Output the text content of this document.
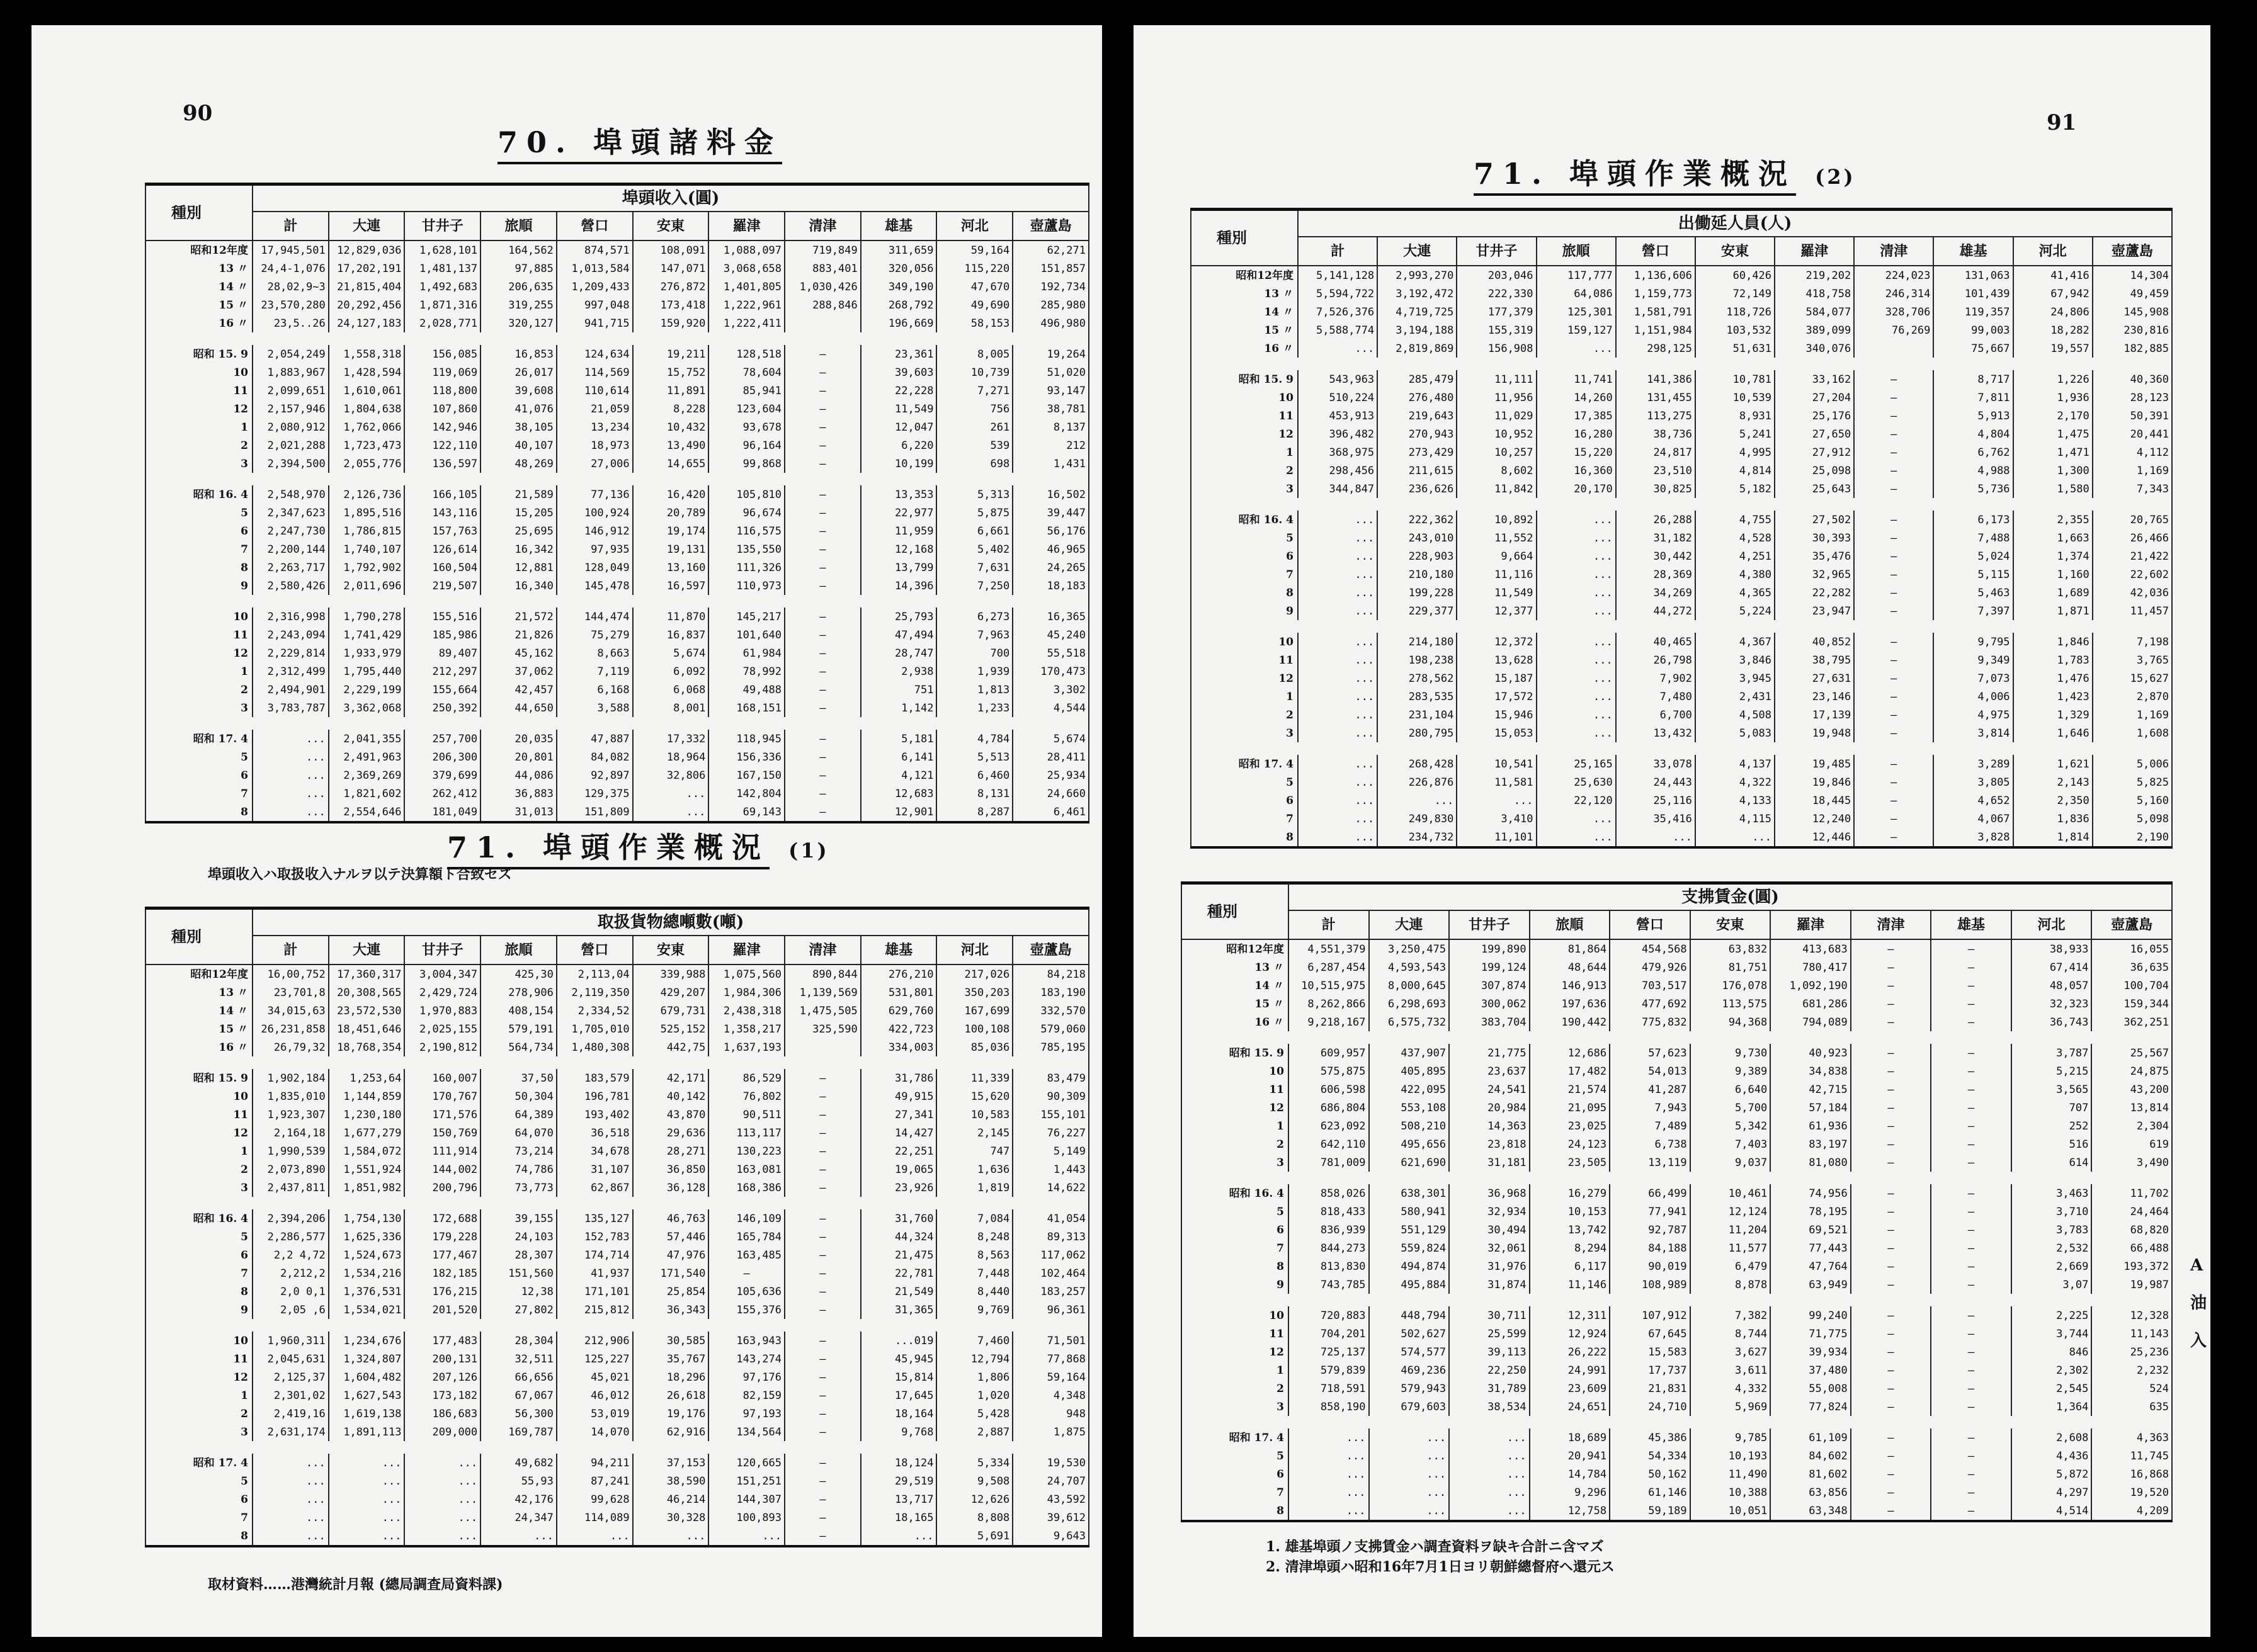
90
70. 埠頭諸料金
種別	埠頭收入(圓)										
	計	大連	甘井子	旅順	營口	安東	羅津	清津	雄基	河北	壺蘆島
昭和12年度	17,945,501	12,829,036	1,628,101	164,562	874,571	108,091	1,088,097	719,849	311,659	59,164	62,271
13 〃	24,4-1,076	17,202,191	1,481,137	97,885	1,013,584	147,071	3,068,658	883,401	320,056	115,220	151,857
14 〃	28,02,9~3	21,815,404	1,492,683	206,635	1,209,433	276,872	1,401,805	1,030,426	349,190	47,670	192,734
15 〃	23,570,280	20,292,456	1,871,316	319,255	997,048	173,418	1,222,961	288,846	268,792	49,690	285,980
16 〃	23,5..26	24,127,183	2,028,771	320,127	941,715	159,920	1,222,411		196,669	58,153	496,980

昭和 15. 9	2,054,249	1,558,318	156,085	16,853	124,634	19,211	128,518	—	23,361	8,005	19,264
10	1,883,967	1,428,594	119,069	26,017	114,569	15,752	78,604	—	39,603	10,739	51,020
11	2,099,651	1,610,061	118,800	39,608	110,614	11,891	85,941	—	22,228	7,271	93,147
12	2,157,946	1,804,638	107,860	41,076	21,059	8,228	123,604	—	11,549	756	38,781
1	2,080,912	1,762,066	142,946	38,105	13,234	10,432	93,678	—	12,047	261	8,137
2	2,021,288	1,723,473	122,110	40,107	18,973	13,490	96,164	—	6,220	539	212
3	2,394,500	2,055,776	136,597	48,269	27,006	14,655	99,868	—	10,199	698	1,431

昭和 16. 4	2,548,970	2,126,736	166,105	21,589	77,136	16,420	105,810	—	13,353	5,313	16,502
5	2,347,623	1,895,516	143,116	15,205	100,924	20,789	96,674	—	22,977	5,875	39,447
6	2,247,730	1,786,815	157,763	25,695	146,912	19,174	116,575	—	11,959	6,661	56,176
7	2,200,144	1,740,107	126,614	16,342	97,935	19,131	135,550	—	12,168	5,402	46,965
8	2,263,717	1,792,902	160,504	12,881	128,049	13,160	111,326	—	13,799	7,631	24,265
9	2,580,426	2,011,696	219,507	16,340	145,478	16,597	110,973	—	14,396	7,250	18,183

10	2,316,998	1,790,278	155,516	21,572	144,474	11,870	145,217	—	25,793	6,273	16,365
11	2,243,094	1,741,429	185,986	21,826	75,279	16,837	101,640	—	47,494	7,963	45,240
12	2,229,814	1,933,979	89,407	45,162	8,663	5,674	61,984	—	28,747	700	55,518
1	2,312,499	1,795,440	212,297	37,062	7,119	6,092	78,992	—	2,938	1,939	170,473
2	2,494,901	2,229,199	155,664	42,457	6,168	6,068	49,488	—	751	1,813	3,302
3	3,783,787	3,362,068	250,392	44,650	3,588	8,001	168,151	—	1,142	1,233	4,544

昭和 17. 4	...	2,041,355	257,700	20,035	47,887	17,332	118,945	—	5,181	4,784	5,674
5	...	2,491,963	206,300	20,801	84,082	18,964	156,336	—	6,141	5,513	28,411
6	...	2,369,269	379,699	44,086	92,897	32,806	167,150	—	4,121	6,460	25,934
7	...	1,821,602	262,412	36,883	129,375	...	142,804	—	12,683	8,131	24,660
8	...	2,554,646	181,049	31,013	151,809	...	69,143	—	12,901	8,287	6,461
埠頭收入ハ取扱收入ナルヲ以テ決算額ト合致セズ
71. 埠頭作業概況 (1)
種別	取扱貨物總噸數(噸)										
	計	大連	甘井子	旅順	營口	安東	羅津	清津	雄基	河北	壺蘆島
昭和12年度	16,00,752	17,360,317	3,004,347	425,30	2,113,04	339,988	1,075,560	890,844	276,210	217,026	84,218
13 〃	23,701,8	20,308,565	2,429,724	278,906	2,119,350	429,207	1,984,306	1,139,569	531,801	350,203	183,190
14 〃	34,015,63	23,572,530	1,970,883	408,154	2,334,52	679,731	2,438,318	1,475,505	629,760	167,699	332,570
15 〃	26,231,858	18,451,646	2,025,155	579,191	1,705,010	525,152	1,358,217	325,590	422,723	100,108	579,060
16 〃	26,79,32	18,768,354	2,190,812	564,734	1,480,308	442,75	1,637,193		334,003	85,036	785,195

昭和 15. 9	1,902,184	1,253,64	160,007	37,50	183,579	42,171	86,529	—	31,786	11,339	83,479
10	1,835,010	1,144,859	170,767	50,304	196,781	40,142	76,802	—	49,915	15,620	90,309
11	1,923,307	1,230,180	171,576	64,389	193,402	43,870	90,511	—	27,341	10,583	155,101
12	2,164,18	1,677,279	150,769	64,070	36,518	29,636	113,117	—	14,427	2,145	76,227
1	1,990,539	1,584,072	111,914	73,214	34,678	28,271	130,223	—	22,251	747	5,149
2	2,073,890	1,551,924	144,002	74,786	31,107	36,850	163,081	—	19,065	1,636	1,443
3	2,437,811	1,851,982	200,796	73,773	62,867	36,128	168,386	—	23,926	1,819	14,622

昭和 16. 4	2,394,206	1,754,130	172,688	39,155	135,127	46,763	146,109	—	31,760	7,084	41,054
5	2,286,577	1,625,336	179,228	24,103	152,783	57,446	165,784	—	44,324	8,248	89,313
6	2,2 4,72	1,524,673	177,467	28,307	174,714	47,976	163,485	—	21,475	8,563	117,062
7	2,212,2	1,534,216	182,185	151,560	41,937	171,540	—	—	22,781	7,448	102,464
8	2,0 0,1	1,376,531	176,215	12,38	171,101	25,854	105,636	—	21,549	8,440	183,257
9	2,05 ,6	1,534,021	201,520	27,802	215,812	36,343	155,376	—	31,365	9,769	96,361

10	1,960,311	1,234,676	177,483	28,304	212,906	30,585	163,943	—	...019	7,460	71,501
11	2,045,631	1,324,807	200,131	32,511	125,227	35,767	143,274	—	45,945	12,794	77,868
12	2,125,37	1,604,482	207,126	66,656	45,021	18,296	97,176	—	15,814	1,806	59,164
1	2,301,02	1,627,543	173,182	67,067	46,012	26,618	82,159	—	17,645	1,020	4,348
2	2,419,16	1,619,138	186,683	56,300	53,019	19,176	97,193	—	18,164	5,428	948
3	2,631,174	1,891,113	209,000	169,787	14,070	62,916	134,564	—	9,768	2,887	1,875

昭和 17. 4	...	...	...	49,682	94,211	37,153	120,665	—	18,124	5,334	19,530
5	...	...	...	55,93	87,241	38,590	151,251	—	29,519	9,508	24,707
6	...	...	...	42,176	99,628	46,214	144,307	—	13,717	12,626	43,592
7	...	...	...	24,347	114,089	30,328	100,893	—	18,165	8,808	39,612
8	...	...	...	...	...	...	...	—	...	5,691	9,643
取材資料……港灣統計月報 (總局調査局資料課)
91
71. 埠頭作業概況 (2)
種別	出働延人員(人)										
	計	大連	甘井子	旅順	營口	安東	羅津	清津	雄基	河北	壺蘆島
昭和12年度	5,141,128	2,993,270	203,046	117,777	1,136,606	60,426	219,202	224,023	131,063	41,416	14,304
13 〃	5,594,722	3,192,472	222,330	64,086	1,159,773	72,149	418,758	246,314	101,439	67,942	49,459
14 〃	7,526,376	4,719,725	177,379	125,301	1,581,791	118,726	584,077	328,706	119,357	24,806	145,908
15 〃	5,588,774	3,194,188	155,319	159,127	1,151,984	103,532	389,099	76,269	99,003	18,282	230,816
16 〃	...	2,819,869	156,908	...	298,125	51,631	340,076		75,667	19,557	182,885

昭和 15. 9	543,963	285,479	11,111	11,741	141,386	10,781	33,162	—	8,717	1,226	40,360
10	510,224	276,480	11,956	14,260	131,455	10,539	27,204	—	7,811	1,936	28,123
11	453,913	219,643	11,029	17,385	113,275	8,931	25,176	—	5,913	2,170	50,391
12	396,482	270,943	10,952	16,280	38,736	5,241	27,650	—	4,804	1,475	20,441
1	368,975	273,429	10,257	15,220	24,817	4,995	27,912	—	6,762	1,471	4,112
2	298,456	211,615	8,602	16,360	23,510	4,814	25,098	—	4,988	1,300	1,169
3	344,847	236,626	11,842	20,170	30,825	5,182	25,643	—	5,736	1,580	7,343

昭和 16. 4	...	222,362	10,892	...	26,288	4,755	27,502	—	6,173	2,355	20,765
5	...	243,010	11,552	...	31,182	4,528	30,393	—	7,488	1,663	26,466
6	...	228,903	9,664	...	30,442	4,251	35,476	—	5,024	1,374	21,422
7	...	210,180	11,116	...	28,369	4,380	32,965	—	5,115	1,160	22,602
8	...	199,228	11,549	...	34,269	4,365	22,282	—	5,463	1,689	42,036
9	...	229,377	12,377	...	44,272	5,224	23,947	—	7,397	1,871	11,457

10	...	214,180	12,372	...	40,465	4,367	40,852	—	9,795	1,846	7,198
11	...	198,238	13,628	...	26,798	3,846	38,795	—	9,349	1,783	3,765
12	...	278,562	15,187	...	7,902	3,945	27,631	—	7,073	1,476	15,627
1	...	283,535	17,572	...	7,480	2,431	23,146	—	4,006	1,423	2,870
2	...	231,104	15,946	...	6,700	4,508	17,139	—	4,975	1,329	1,169
3	...	280,795	15,053	...	13,432	5,083	19,948	—	3,814	1,646	1,608

昭和 17. 4	...	268,428	10,541	25,165	33,078	4,137	19,485	—	3,289	1,621	5,006
5	...	226,876	11,581	25,630	24,443	4,322	19,846	—	3,805	2,143	5,825
6	...	...	...	22,120	25,116	4,133	18,445	—	4,652	2,350	5,160
7	...	249,830	3,410	...	35,416	4,115	12,240	—	4,067	1,836	5,098
8	...	234,732	11,101	...	...	...	12,446	—	3,828	1,814	2,190
種別	支拂賃金(圓)										
	計	大連	甘井子	旅順	營口	安東	羅津	清津	雄基	河北	壺蘆島
昭和12年度	4,551,379	3,250,475	199,890	81,864	454,568	63,832	413,683	—	—	38,933	16,055
13 〃	6,287,454	4,593,543	199,124	48,644	479,926	81,751	780,417	—	—	67,414	36,635
14 〃	10,515,975	8,000,645	307,874	146,913	703,517	176,078	1,092,190	—	—	48,057	100,704
15 〃	8,262,866	6,298,693	300,062	197,636	477,692	113,575	681,286	—	—	32,323	159,344
16 〃	9,218,167	6,575,732	383,704	190,442	775,832	94,368	794,089	—	—	36,743	362,251

昭和 15. 9	609,957	437,907	21,775	12,686	57,623	9,730	40,923	—	—	3,787	25,567
10	575,875	405,895	23,637	17,482	54,013	9,389	34,838	—	—	5,215	24,875
11	606,598	422,095	24,541	21,574	41,287	6,640	42,715	—	—	3,565	43,200
12	686,804	553,108	20,984	21,095	7,943	5,700	57,184	—	—	707	13,814
1	623,092	508,210	14,363	23,025	7,489	5,342	61,936	—	—	252	2,304
2	642,110	495,656	23,818	24,123	6,738	7,403	83,197	—	—	516	619
3	781,009	621,690	31,181	23,505	13,119	9,037	81,080	—	—	614	3,490

昭和 16. 4	858,026	638,301	36,968	16,279	66,499	10,461	74,956	—	—	3,463	11,702
5	818,433	580,941	32,934	10,153	77,941	12,124	78,195	—	—	3,710	24,464
6	836,939	551,129	30,494	13,742	92,787	11,204	69,521	—	—	3,783	68,820
7	844,273	559,824	32,061	8,294	84,188	11,577	77,443	—	—	2,532	66,488
8	813,830	494,874	31,976	6,117	90,019	6,479	47,764	—	—	2,669	193,372
9	743,785	495,884	31,874	11,146	108,989	8,878	63,949	—	—	3,07	19,987

10	720,883	448,794	30,711	12,311	107,912	7,382	99,240	—	—	2,225	12,328
11	704,201	502,627	25,599	12,924	67,645	8,744	71,775	—	—	3,744	11,143
12	725,137	574,577	39,113	26,222	15,583	3,627	39,934	—	—	846	25,236
1	579,839	469,236	22,250	24,991	17,737	3,611	37,480	—	—	2,302	2,232
2	718,591	579,943	31,789	23,609	21,831	4,332	55,008	—	—	2,545	524
3	858,190	679,603	38,534	24,651	24,710	5,969	77,824	—	—	1,364	635

昭和 17. 4	...	...	...	18,689	45,386	9,785	61,109	—	—	2,608	4,363
5	...	...	...	20,941	54,334	10,193	84,602	—	—	4,436	11,745
6	...	...	...	14,784	50,162	11,490	81,602	—	—	5,872	16,868
7	...	...	...	9,296	61,146	10,388	63,856	—	—	4,297	19,520
8	...	...	...	12,758	59,189	10,051	63,348	—	—	4,514	4,209
1. 雄基埠頭ノ支拂賃金ハ調査資料ヲ缺キ合計ニ含マズ
2. 清津埠頭ハ昭和16年7月1日ヨリ朝鮮總督府ヘ還元ス
A
油
入
